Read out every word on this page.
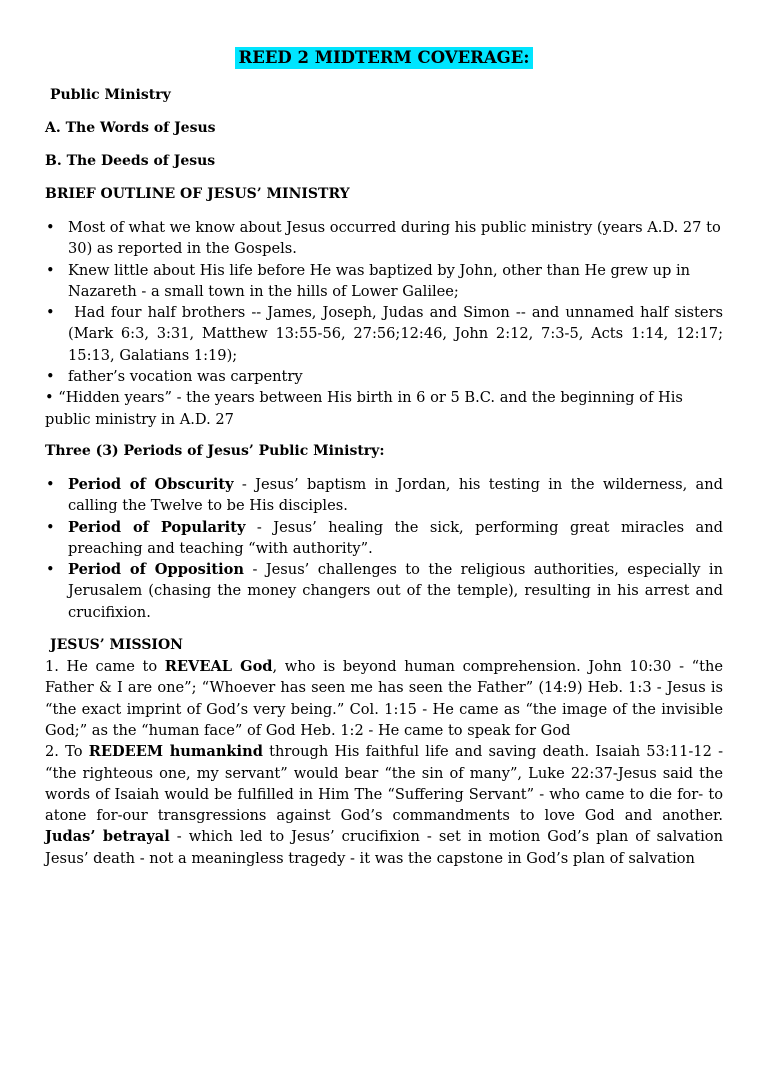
REED 2 MIDTERM COVERAGE:

Public Ministry

A. The Words of Jesus

B. The Deeds of Jesus

BRIEF OUTLINE OF JESUS’ MINISTRY

• Most of what we know about Jesus occurred during his public ministry (years A.D. 27 to 30) as reported in the Gospels.
• Knew little about His life before He was baptized by John, other than He grew up in Nazareth - a small town in the hills of Lower Galilee;
•  Had four half brothers -- James, Joseph, Judas and Simon -- and unnamed half sisters (Mark 6:3, 3:31, Matthew 13:55-56, 27:56;12:46, John 2:12, 7:3-5, Acts 1:14, 12:17; 15:13, Galatians 1:19);
• father’s vocation was carpentry

• “Hidden years” - the years between His birth in 6 or 5 B.C. and the beginning of His public ministry in A.D. 27

Three (3) Periods of Jesus’ Public Ministry:

• Period of Obscurity - Jesus’ baptism in Jordan, his testing in the wilderness, and calling the Twelve to be His disciples.
• Period of Popularity - Jesus’ healing the sick, performing great miracles and preaching and teaching “with authority”.
• Period of Opposition - Jesus’ challenges to the religious authorities, especially in Jerusalem (chasing the money changers out of the temple), resulting in his arrest and crucifixion.

JESUS’ MISSION

1. He came to REVEAL God, who is beyond human comprehension. John 10:30 - “the Father & I are one”; “Whoever has seen me has seen the Father” (14:9) Heb. 1:3 - Jesus is “the exact imprint of God’s very being.” Col. 1:15 - He came as “the image of the invisible God;” as the “human face” of God Heb. 1:2 - He came to speak for God

2. To REDEEM humankind through His faithful life and saving death. Isaiah 53:11-12 - “the righteous one, my servant” would bear “the sin of many”, Luke 22:37-Jesus said the words of Isaiah would be fulfilled in Him The “Suffering Servant” - who came to die for- to atone for-our transgressions against God’s commandments to love God and another. Judas’ betrayal - which led to Jesus’ crucifixion - set in motion God’s plan of salvation Jesus’ death - not a meaningless tragedy - it was the capstone in God’s plan of salvation
